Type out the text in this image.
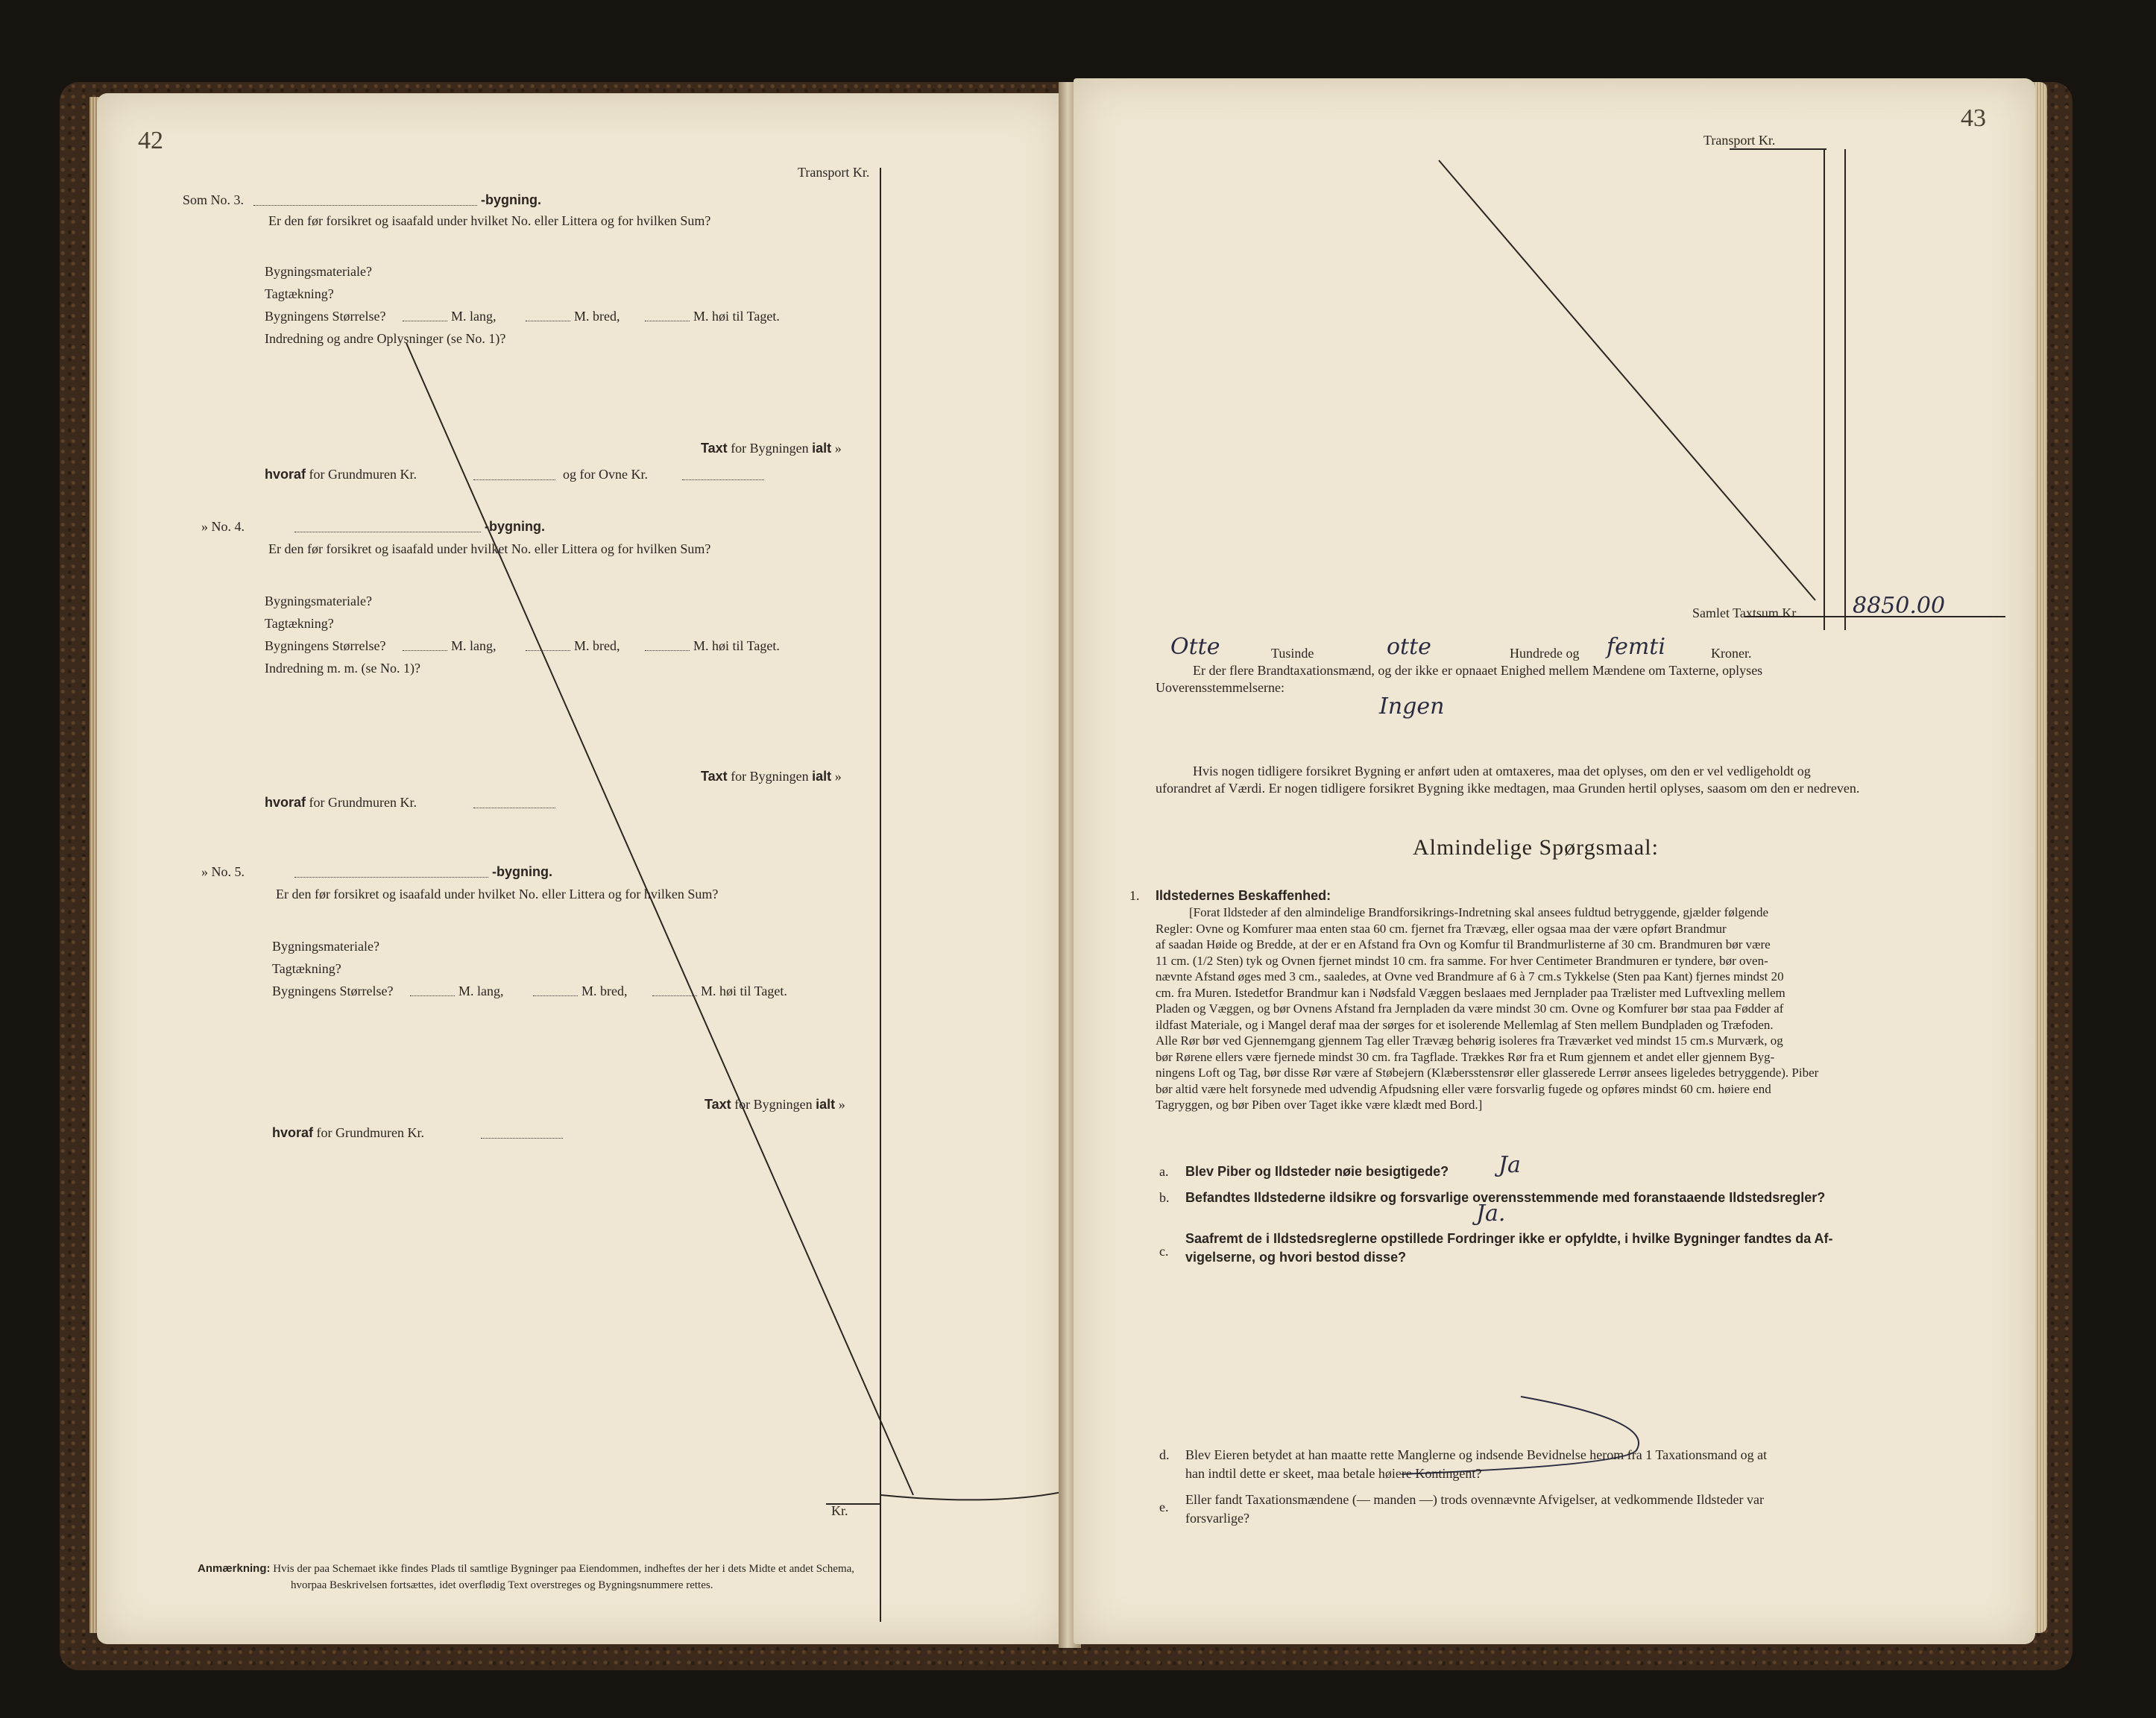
42
Transport Kr.
Som No. 3.	-bygning.
Er den før forsikret og isaafald under hvilket No. eller Littera og for hvilken Sum?
Bygningsmateriale?
Tagtækning?
Bygningens Størrelse?	M. lang,	M. bred,	M. høi til Taget.
Indredning og andre Oplysninger (se No. 1)?
Taxt for Bygningen ialt »
hvoraf for Grundmuren Kr.	og for Ovne Kr.
» No. 4.	-bygning.
Er den før forsikret og isaafald under hvilket No. eller Littera og for hvilken Sum?
Bygningsmateriale?
Tagtækning?
Bygningens Størrelse?	M. lang,	M. bred,	M. høi til Taget.
Indredning m. m. (se No. 1)?
Taxt for Bygningen ialt »
hvoraf for Grundmuren Kr.
» No. 5.	-bygning.
Er den før forsikret og isaafald under hvilket No. eller Littera og for hvilken Sum?
Bygningsmateriale?
Tagtækning?
Bygningens Størrelse?	M. lang,	M. bred,	M. høi til Taget.
Taxt for Bygningen ialt »
hvoraf for Grundmuren Kr.
Kr.
Anmærkning: Hvis der paa Schemaet ikke findes Plads til samtlige Bygninger paa Eiendommen, indheftes der her i dets Midte et andet Schema,
hvorpaa Beskrivelsen fortsættes, idet overflødig Text overstreges og Bygningsnummere rettes.
43
Transport Kr.
Samlet Taxtsum Kr. 8850.00
Otte	Tusinde	otte	Hundrede og femti	Kroner.
Er der flere Brandtaxationsmænd, og der ikke er opnaaet Enighed mellem Mændene om Taxterne, oplyses
Uoverensstemmelserne:
Ingen
Hvis nogen tidligere forsikret Bygning er anført uden at omtaxeres, maa det oplyses, om den er vel vedligeholdt og
uforandret af Værdi. Er nogen tidligere forsikret Bygning ikke medtagen, maa Grunden hertil oplyses, saasom om den er nedreven.
Almindelige Spørgsmaal:
1. Ildstedernes Beskaffenhed:
[Forat Ildsteder af den almindelige Brandforsikrings-Indretning skal ansees fuldtud betryggende, gjælder følgende
Regler: Ovne og Komfurer maa enten staa 60 cm. fjernet fra Trævæg, eller ogsaa maa der være opført Brandmur
af saadan Høide og Bredde, at der er en Afstand fra Ovn og Komfur til Brandmurlisterne af 30 cm. Brandmuren bør være
11 cm. (1/2 Sten) tyk og Ovnen fjernet mindst 10 cm. fra samme. For hver Centimeter Brandmuren er tyndere, bør oven-
nævnte Afstand øges med 3 cm., saaledes, at Ovne ved Brandmure af 6 à 7 cm.s Tykkelse (Sten paa Kant) fjernes mindst 20
cm. fra Muren. Istedetfor Brandmur kan i Nødsfald Væggen beslaaes med Jernplader paa Trælister med Luftvexling mellem
Pladen og Væggen, og bør Ovnens Afstand fra Jernpladen da være mindst 30 cm. Ovne og Komfurer bør staa paa Fødder af
ildfast Materiale, og i Mangel deraf maa der sørges for et isolerende Mellemlag af Sten mellem Bundpladen og Træfoden.
Alle Rør bør ved Gjennemgang gjennem Tag eller Trævæg behørig isoleres fra Træværket ved mindst 15 cm.s Murværk, og
bør Rørene ellers være fjernede mindst 30 cm. fra Tagflade. Trækkes Rør fra et Rum gjennem et andet eller gjennem Byg-
ningens Loft og Tag, bør disse Rør være af Støbejern (Klæbersstensrør eller glasserede Lerrør ansees ligeledes betryggende). Piber
bør altid være helt forsynede med udvendig Afpudsning eller være forsvarlig fugede og opføres mindst 60 cm. høiere end
Tagryggen, og bør Piben over Taget ikke være klædt med Bord.]
a. Blev Piber og Ildsteder nøie besigtigede? Ja
b. Befandtes Ildstederne ildsikre og forsvarlige overensstemmende med foranstaaende Ildstedsregler?
Ja.
c.
Saafremt de i Ildstedsreglerne opstillede Fordringer ikke er opfyldte, i hvilke Bygninger fandtes da Af-
vigelserne, og hvori bestod disse?
d. Blev Eieren betydet at han maatte rette Manglerne og indsende Bevidnelse herom fra 1 Taxationsmand og at
han indtil dette er skeet, maa betale høiere Kontingent?
e. Eller fandt Taxationsmændene (— manden —) trods ovennævnte Afvigelser, at vedkommende Ildsteder var
forsvarlige?
